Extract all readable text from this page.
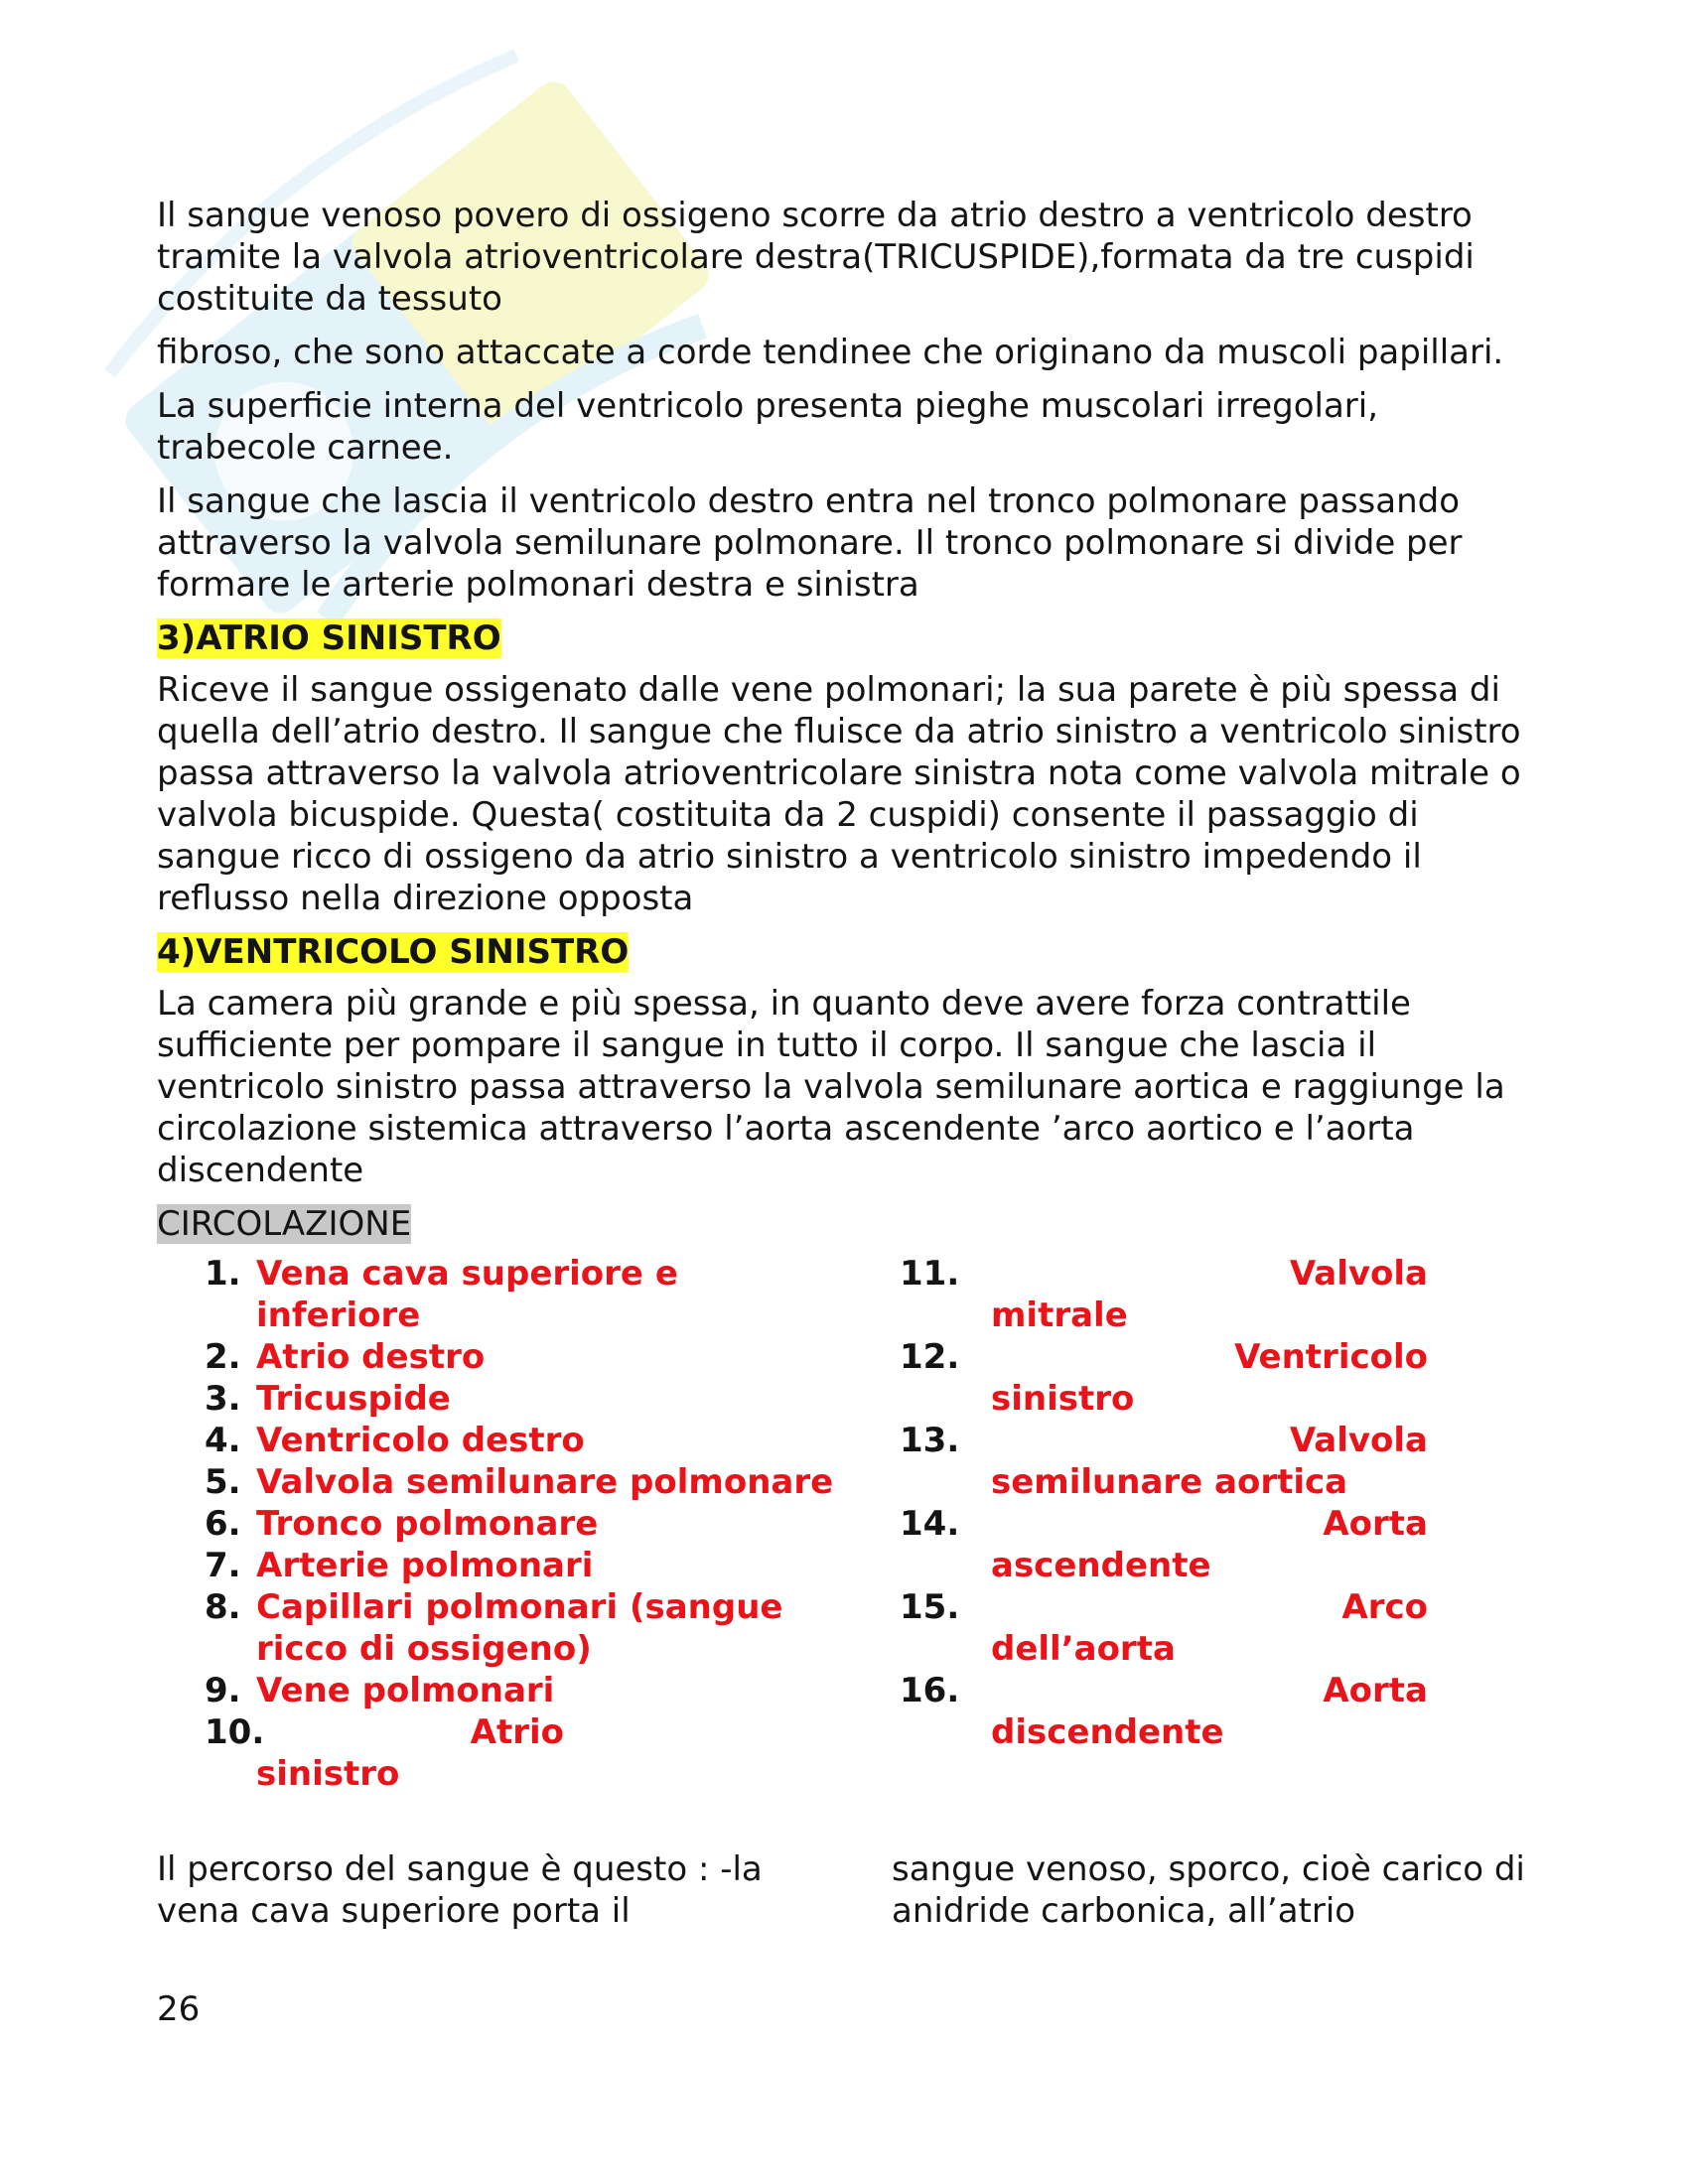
Il sangue venoso povero di ossigeno scorre da atrio destro a ventricolo destro tramite la valvola atrioventricolare destra(TRICUSPIDE),formata da tre cuspidi costituite da tessuto

fibroso, che sono attaccate a corde tendinee che originano da muscoli papillari.

La superficie interna del ventricolo presenta pieghe muscolari irregolari, trabecole carnee.

Il sangue che lascia il ventricolo destro entra nel tronco polmonare passando attraverso la valvola semilunare polmonare. Il tronco polmonare si divide per formare le arterie polmonari destra e sinistra

3)ATRIO SINISTRO

Riceve il sangue ossigenato dalle vene polmonari; la sua parete è più spessa di quella dell’atrio destro. Il sangue che fluisce da atrio sinistro a ventricolo sinistro passa attraverso la valvola atrioventricolare sinistra nota come valvola mitrale o valvola bicuspide. Questa( costituita da 2 cuspidi) consente il passaggio di sangue ricco di ossigeno da atrio sinistro a ventricolo sinistro impedendo il reflusso nella direzione opposta

4)VENTRICOLO SINISTRO

La camera più grande e più spessa, in quanto deve avere forza contrattile sufficiente per pompare il sangue in tutto il corpo. Il sangue che lascia il ventricolo sinistro passa attraverso la valvola semilunare aortica e raggiunge la circolazione sistemica attraverso l’aorta ascendente ’arco aortico e l’aorta discendente

CIRCOLAZIONE

1. Vena cava superiore e inferiore
2. Atrio destro
3. Tricuspide
4. Ventricolo destro
5. Valvola semilunare polmonare
6. Tronco polmonare
7. Arterie polmonari
8. Capillari polmonari (sangue ricco di ossigeno)
9. Vene polmonari
10.	Atrio
sinistro
11.	Valvola
mitrale
12.	Ventricolo
sinistro
13.	Valvola
semilunare aortica
14.	Aorta
ascendente
15.	Arco
dell’aorta
16.	Aorta
discendente
Il percorso del sangue è questo : -la vena cava superiore porta il
sangue venoso, sporco, cioè carico di anidride carbonica, all’atrio
26
